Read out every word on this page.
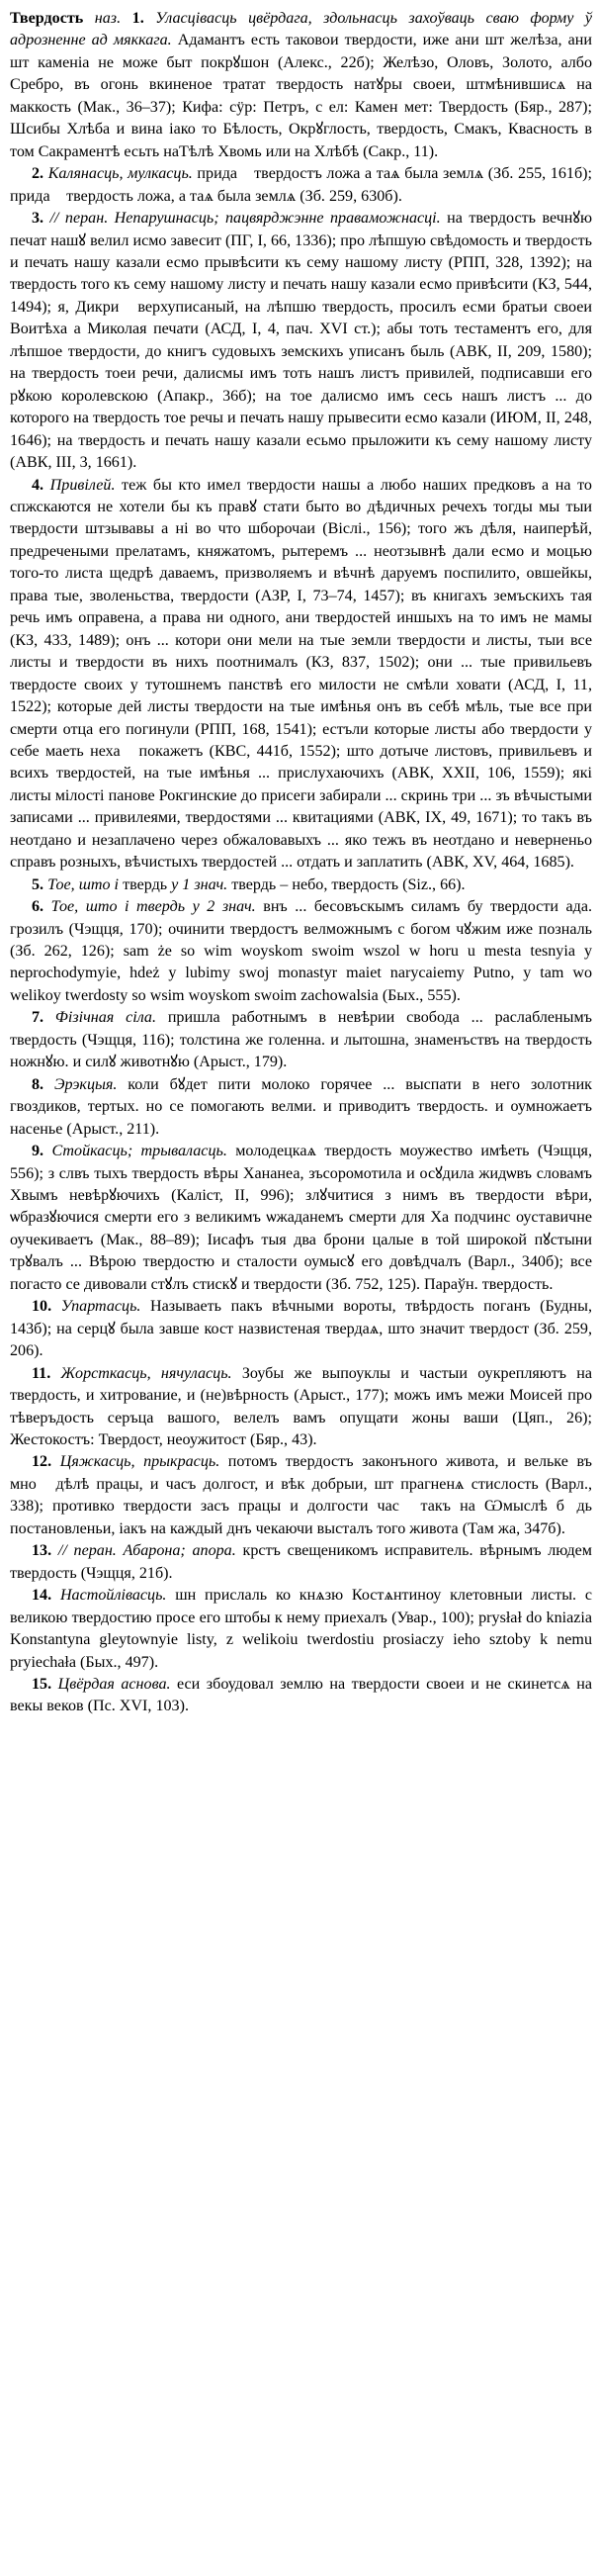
Твердость наз. 1. Уласцівасць цвёрдага, здольнасць захоўваць сваю форму ў адрозненне ад мяккага. Адамантъ есть таковои твердости, иже ани шт желѣза, ани шт каменіа не може быт покрꙋшон (Алекс., 22б); Желѣзо, Оловъ, Золото, албо Сребро, въ огонь вкиненое тратат твердость натꙋры своеи, штмѣнившисѧ на маккость (Мак., 36–37); Кифа: сӱр: Петръ, с ел: Камен мет: Твердость (Бяр., 287); Шсибы Хлѣба и вина іако то Бѣлость, Окрꙋглость, твердость, Смакъ, Квасность в том Сакраментѣ есьть наТѣлѣ Хвомь или на Хлѣбѣ (Сакр., 11).

2. Калянасць, мулкасць. придаⷭ твердостъ ложа а таѧ была землѧ (Зб. 255, 161б); придаⷭ твердость ложа, а таѧ была землѧ (Зб. 259, 630б).

3. // перан. Непарушнасць; пацвярджэнне праваможнасці. на твердость вечнꙋю печат нашꙋ велил исмо завесит (ПГ, I, 66, 1336); про лѣпшую свѣдомость и твердость и печать нашу казали есмо прывѣсити къ сему нашому листу (РПП, 328, 1392); на твердость того къ сему нашому листу и печать нашу казали есмо привѣсити (КЗ, 544, 1494); я, Дикриⷭ верхуписаный, на лѣпшю твердость, просилъ есми братьи своеи Воитѣха а Миколая печати (АСД, I, 4, пач. XVI ст.); абы тоть тестаментъ его, для лѣпшое твердости, до книгъ судовыхъ земскихъ уписанъ быль (АВК, II, 209, 1580); на твердость тоеи речи, далисмы имъ тоть нашъ листъ привилей, подписавши его рꙋкою королевскою (Апакр., 36б); на тое далисмо имъ сесь нашъ листъ ... до которого на твердость тое речы и печать нашу прывесити есмо казали (ИЮМ, II, 248, 1646); на твердость и печать нашу казали есьмо прыложити къ сему нашому листу (АВК, III, 3, 1661).

4. Привілей. теж бы кто имел твердости нашы а любо наших предковъ а на то спжскаются не хотели бы къ правꙋ стати быто во дѣдичных речехъ тогды мы тыи твердости штзывавы а ні во что шборочаи (Віслі., 156); того жъ дѣля, наиперѣй, предречеными прелатамъ, княжатомъ, рытеремъ ... неотзывнѣ дали есмо и моцью того-то листа щедрѣ даваемъ, призволяемъ и вѣчнѣ даруемъ поспилито, овшейкы, права тые, зволеньства, твердости (АЗР, I, 73–74, 1457); въ книгахъ земъскихъ тая речь имъ оправена, а права ни одного, ани твердостей иншыхъ на то имъ не мамы (КЗ, 433, 1489); онъ ... котори они мели на тые земли твердости и листы, тыи все листы и твердости въ нихъ поотнималъ (КЗ, 837, 1502); они ... тые привильевъ твердосте своих у тутошнемъ панствѣ его милости не смѣли ховати (АСД, I, 11, 1522); которые дей листы твердости на тые имѣнья онъ въ себѣ мѣль, тые все при смерти отца его погинули (РПП, 168, 1541); естъли которые листы або твердости у себе маеть нехаⷤ покажетъ (КВС, 441б, 1552); што дотыче листовъ, привильевъ и всихъ твердостей, на тые имѣнья ... прислухаючихъ (АВК, XXII, 106, 1559); які листы мілості панове Рокгинские до присеги забирали ... скринь три ... зъ вѣчыстыми записами ... привилеями, твердостями ... квитациями (АВК, IX, 49, 1671); то такъ въ неотдано и незаплачено через обжаловавыхъ ... яко тежъ въ неотдано и неверненьо справъ розныхъ, вѣчистыхъ твердостей ... отдать и заплатить (АВК, XV, 464, 1685).

5. Тое, што і твердь у 1 знач. твердь – небо, твердость (Sіz., 66).

6. Тое, што і твердь у 2 знач. внъ ... бесовъскымъ силамъ бу твердости ада. грозилъ (Чэщця, 170); очинити твердостъ велможнымъ с богом чꙋжим иже позналь (Зб. 262, 126); sam że so wim woyskom swoim wszol w horu u mesta tesnyia у neprochodymyie, hdeż у lubimy swoj monastyr maiet narycaiemy Putno, у tam wo welikoy twerdosty so wsim woyskom swoim zachowalsia (Бых., 555).

7. Фізічная сіла. пришла работнымъ в невѣрии свобода ... раслабленымъ твердость (Чэщця, 116); толстина же голенна. и лытошна, знаменъствъ на твердость ножнꙋю. и силꙋ животнꙋю (Арыст., 179).

8. Эрэкцыя. коли бꙋдет пити молоко горячее ... выспати в него золотник гвоздиков, тертых. но се помогають велми. и приводитъ твердость. и оумножаетъ насенье (Арыст., 211).

9. Стойкасць; трываласць. молодецкаѧ твердость моужество имѣеть (Чэщця, 556); з слвъ тыхъ твердость вѣры Хананеа, зъсоромотила и осꙋдила жидѡвъ словамъ Хвымъ невѣрꙋючихъ (Каліст, II, 996); злꙋчитися з нимъ въ твердости вѣри, ѡбразꙋючися смерти его з великимъ ѡжаданемъ смерти для Ха подчинс оуставичне оучекиваетъ (Мак., 88–89); Іисафъ тыя два брони цалые в той широкой пꙋстыни трꙋвалъ ... Вѣрою твердостю и сталости оумысꙋ его довѣдчалъ (Варл., 340б); все погасто се дивовали стꙋлъ стискꙋ и твердости (Зб. 752, 125). Параўн. твердость.

10. Упартасць. Называеть пакъ вѣчными вороты, твѣрдость поганъ (Будны, 143б); на серцꙋ была завше кост назвистеная твердаѧ, што значит твердост (Зб. 259, 206).

11. Жорсткасць, нячуласць. Зоубы же выпоуклы и частыи оукрепляютъ на твердость, и хитрование, и (не)вѣрность (Арыст., 177); можъ имъ межи Моисей про тѣверъдость серъца вашого, велелъ вамъ опущати жоны ваши (Цяп., 26); Жестокостъ: Твердост, неоужитост (Бяр., 43).

12. Цяжкасць, прыкрасць. потомъ твердостъ законъного живота, и вельке въ мноⷭ дѣлѣ працы, и часъ долгост, и вѣк добрыи, шт прагненѧ стислость (Варл., 338); противко твердости засъ працы и долгости часꙋ такъ на Ѡмыслѣ бꙋдь постановленьи, іакъ на каждый днъ чекаючи высталъ того живота (Там жа, 347б).

13. // перан. Абарона; апора. крстъ свещеникомъ исправитель. вѣрнымъ людем твердость (Чэщця, 21б).

14. Настойлівасць. шн прислаль ко кнѧзю Костѧнтиноу клетовныи листы. с великою твердостию просе его штобы к нему приехалъ (Увар., 100); prysłał do kniazia Konstantyna gleytownyie listy, z welikoiu twerdostiu prosiaczy iehо sztoby k nemu pryiechała (Бых., 497).

15. Цвёрдая аснова. еси збоудовал землю на твердости своеи и не скинетсѧ на векы веков (Пс. XVI, 103).
